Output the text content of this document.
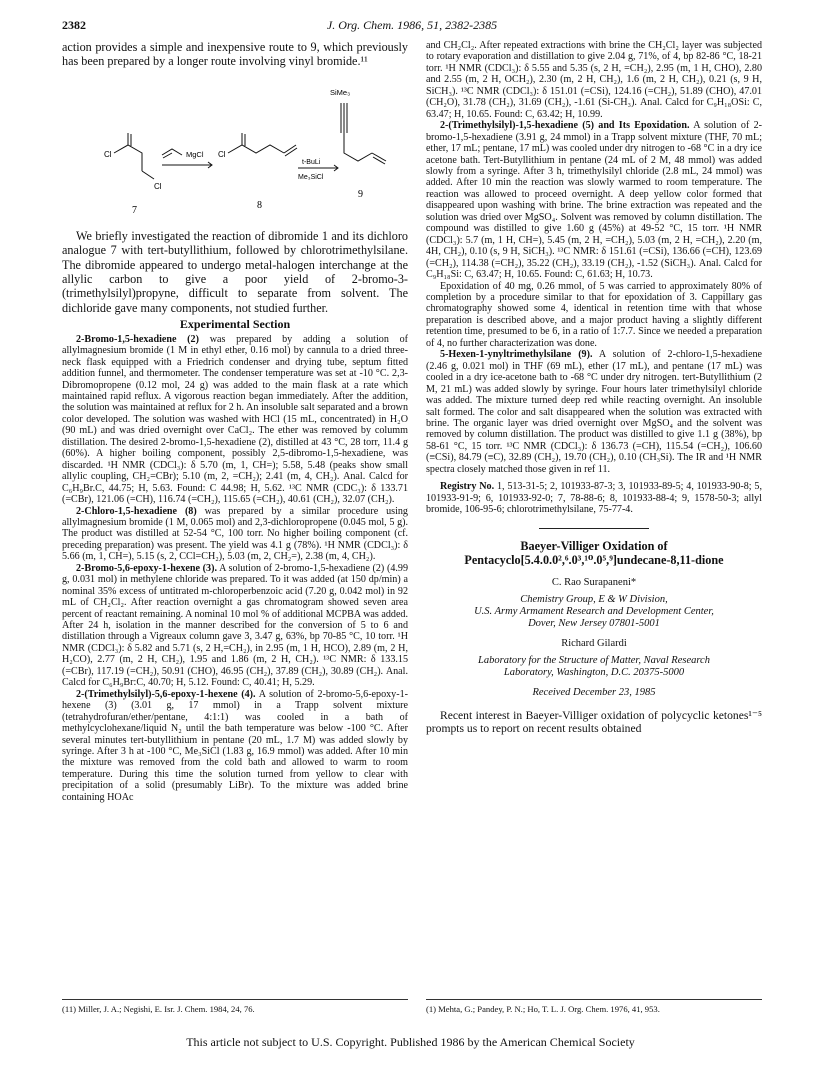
2382	J. Org. Chem. 1986, 51, 2382-2385

action provides a simple and inexpensive route to 9, which previously has been prepared by a longer route involving vinyl bromide.¹¹

Cl
Cl
7
MgCl Cl
8
t-BuLi
Me₃SiCl
SiMe₃
9

We briefly investigated the reaction of dibromide 1 and its dichloro analogue 7 with tert-butyllithium, followed by chlorotrimethylsilane. The dibromide appeared to undergo metal-halogen interchange at the allylic carbon to give a poor yield of 2-bromo-3-(trimethylsilyl)propyne, difficult to separate from solvent. The dichloride gave many components, not studied further.

Experimental Section

2-Bromo-1,5-hexadiene (2) was prepared by adding a solution of allylmagnesium bromide (1 M in ethyl ether, 0.16 mol) by cannula to a dried three-neck flask equipped with a Friedrich condenser and drying tube, septum fitted addition funnel, and thermometer. The condenser temperature was set at -10 °C. 2,3-Dibromopropene (0.12 mol, 24 g) was added to the main flask at a rate which maintained rapid reflux. A vigorous reaction began immediately. After the addition, the solution was maintained at reflux for 2 h. An insoluble salt separated and a brown color developed. The solution was washed with HCl (15 mL, concentrated) in H₂O (90 mL) and was dried overnight over CaCl₂. The ether was removed by columm distillation. The desired 2-bromo-1,5-hexadiene (2), distilled at 43 °C, 28 torr, 11.4 g (60%). A higher boiling component, possibly 2,5-dibromo-1,5-hexadiene, was discarded. ¹H NMR (CDCl₃): δ 5.70 (m, 1, CH=); 5.58, 5.48 (peaks show small allylic coupling, CH₂=CBr); 5.10 (m, 2, =CH₂); 2.41 (m, 4, CH₂). Anal. Calcd for C₆H₉Br.C, 44.75; H, 5.63. Found: C 44.98; H, 5.62. ¹³C NMR (CDC₃): δ 133.71 (=CBr), 121.06 (=CH), 116.74 (=CH₂), 115.65 (=CH₂), 40.61 (CH₂), 32.07 (CH₂).

2-Chloro-1,5-hexadiene (8) was prepared by a similar procedure using allylmagnesium bromide (1 M, 0.065 mol) and 2,3-dichloropropene (0.045 mol, 5 g). The product was distilled at 52-54 °C, 100 torr. No higher boiling component (cf. preceding preparation) was present. The yield was 4.1 g (78%). ¹H NMR (CDCl₃): δ 5.66 (m, 1, CH=), 5.15 (s, 2, CCl=CH₂), 5.03 (m, 2, CH₂=), 2.38 (m, 4, CH₂).

2-Bromo-5,6-epoxy-1-hexene (3). A solution of 2-bromo-1,5-hexadiene (2) (4.99 g, 0.031 mol) in methylene chloride was prepared. To it was added (at 150 dp/min) a nominal 35% excess of untitrated m-chloroperbenzoic acid (7.20 g, 0.042 mol) in 92 mL of CH₂Cl₂. After reaction overnight a gas chromatogram showed seven area percent of reactant remaining. A nominal 10 mol % of additional MCPBA was added. After 24 h, isolation in the manner described for the conversion of 5 to 6 and distillation through a Vigreaux column gave 3, 3.47 g, 63%, bp 70-85 °C, 10 torr. ¹H NMR (CDCl₃): δ 5.82 and 5.71 (s, 2 H,=CH₂), in 2.95 (m, 1 H, HCO), 2.89 (m, 2 H, H₂CO), 2.77 (m, 2 H, CH₂), 1.95 and 1.86 (m, 2 H, CH₂). ¹³C NMR: δ 133.15 (=CBr), 117.19 (=CH₂), 50.91 (CHO), 46.95 (CH₂), 37.89 (CH₂), 30.89 (CH₂). Anal. Calcd for C₆H₉Br:C, 40.70; H, 5.12. Found: C, 40.41; H, 5.29.

2-(Trimethylsilyl)-5,6-epoxy-1-hexene (4). A solution of 2-bromo-5,6-epoxy-1-hexene (3) (3.01 g, 17 mmol) in a Trapp solvent mixture (tetrahydrofuran/ether/pentane, 4:1:1) was cooled in a bath of methylcyclohexane/liquid N₂ until the bath temperature was below -100 °C. After several minutes tert-butyllithium in pentane (20 mL, 1.7 M) was added slowly by syringe. After 3 h at -100 °C, Me₃SiCl (1.83 g, 16.9 mmol) was added. After 10 min the mixture was removed from the cold bath and allowed to warm to room temperature. During this time the solution turned from yellow to clear with precipitation of a solid (presumably LiBr). To the mixture was added brine containing HOAc

and CH₂Cl₂. After repeated extractions with brine the CH₂Cl₂ layer was subjected to rotary evaporation and distillation to give 2.04 g, 71%, of 4, bp 82-86 °C, 18-21 torr. ¹H NMR (CDCl₃): δ 5.55 and 5.35 (s, 2 H, =CH₂), 2.95 (m, 1 H, CHO), 2.80 and 2.55 (m, 2 H, OCH₂), 2.30 (m, 2 H, CH₂), 1.6 (m, 2 H, CH₂), 0.21 (s, 9 H, SiCH₃). ¹³C NMR (CDCl₃): δ 151.01 (=CSi), 124.16 (=CH₂), 51.89 (CHO), 47.01 (CH₂O), 31.78 (CH₂), 31.69 (CH₂), -1.61 (Si-CH₃). Anal. Calcd for C₉H₁₈OSi: C, 63.47; H, 10.65. Found: C, 63.42; H, 10.99.

2-(Trimethylsilyl)-1,5-hexadiene (5) and Its Epoxidation. A solution of 2-bromo-1,5-hexadiene (3.91 g, 24 mmol) in a Trapp solvent mixture (THF, 70 mL; ether, 17 mL; pentane, 17 mL) was cooled under dry nitrogen to -68 °C in a dry ice acetone bath. Tert-Butyllithium in pentane (24 mL of 2 M, 48 mmol) was added slowly from a syringe. After 3 h, trimethylsilyl chloride (2.8 mL, 24 mmol) was added. After 10 min the reaction was slowly warmed to room temperature. The reaction was allowed to proceed overnight. A deep yellow color formed that disappeared upon washing with brine. The brine extraction was repeated and the solution was dried over MgSO₄. Solvent was removed by column distillation. The compound was distilled to give 1.60 g (45%) at 49-52 °C, 15 torr. ¹H NMR (CDCl₃): 5.7 (m, 1 H, CH=), 5.45 (m, 2 H, =CH₂), 5.03 (m, 2 H, =CH₂), 2.20 (m, 4H, CH₂), 0.10 (s, 9 H, SiCH₃). ¹³C NMR: δ 151.61 (=CSi), 136.66 (=CH), 123.69 (=CH₂), 114.38 (=CH₂), 35.22 (CH₂), 33.19 (CH₂), -1.52 (SiCH₃). Anal. Calcd for C₉H₁₈Si: C, 63.47; H, 10.65. Found: C, 61.63; H, 10.73.

Epoxidation of 40 mg, 0.26 mmol, of 5 was carried to approximately 80% of completion by a procedure similar to that for epoxidation of 3. Cappillary gas chromatography showed some 4, identical in retention time with that whose preparation is described above, and a major product having a slightly different retention time, presumed to be 6, in a ratio of 1:7.7. Since we needed a preparation of 4, no further characterization was done.

5-Hexen-1-ynyltrimethylsilane (9). A solution of 2-chloro-1,5-hexadiene (2.46 g, 0.021 mol) in THF (69 mL), ether (17 mL), and pentane (17 mL) was cooled in a dry ice-acetone bath to -68 °C under dry nitrogen. tert-Butyllithium (2 M, 21 mL) was added slowly by syringe. Four hours later trimethylsilyl chloride was added. The mixture turned deep red while reacting overnight. An insoluble salt formed. The color and salt disappeared when the solution was extracted with brine. The organic layer was dried overnight over MgSO₄ and the solvent was removed by column distillation. The product was distilled to give 1.1 g (38%), bp 58-61 °C, 15 torr. ¹³C NMR (CDCl₃): δ 136.73 (=CH), 115.54 (=CH₂), 106.60 (≡CSi), 84.79 (≡C), 32.89 (CH₂), 19.70 (CH₂), 0.10 (CH₃Si). The IR and ¹H NMR spectra closely matched those given in ref 11.

Registry No. 1, 513-31-5; 2, 101933-87-3; 3, 101933-89-5; 4, 101933-90-8; 5, 101933-91-9; 6, 101933-92-0; 7, 78-88-6; 8, 101933-88-4; 9, 1578-50-3; allyl bromide, 106-95-6; chlorotrimethylsilane, 75-77-4.

Baeyer-Villiger Oxidation of Pentacyclo[5.4.0.0²,⁶.0³,¹⁰.0⁵,⁹]undecane-8,11-dione
C. Rao Surapaneni*
Chemistry Group, E & W Division,
U.S. Army Armament Research and Development Center,
Dover, New Jersey 07801-5001
Richard Gilardi
Laboratory for the Structure of Matter, Naval Research
Laboratory, Washington, D.C. 20375-5000
Received December 23, 1985

Recent interest in Baeyer-Villiger oxidation of polycyclic ketones¹⁻⁵ prompts us to report on recent results obtained

(11) Miller, J. A.; Negishi, E. Isr. J. Chem. 1984, 24, 76.	(1) Mehta, G.; Pandey, P. N.; Ho, T. L. J. Org. Chem. 1976, 41, 953.
This article not subject to U.S. Copyright. Published 1986 by the American Chemical Society
